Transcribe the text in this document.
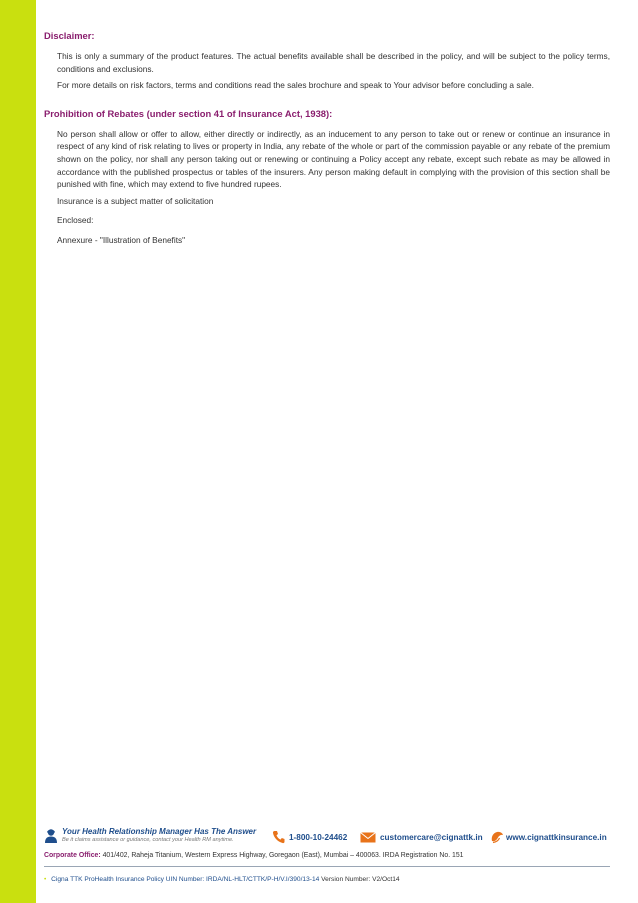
Disclaimer:

This is only a summary of the product features. The actual benefits available shall be described in the policy, and will be subject to the policy terms, conditions and exclusions.

For more details on risk factors, terms and conditions read the sales brochure and speak to Your advisor before concluding a sale.

Prohibition of Rebates (under section 41 of Insurance Act, 1938):

No person shall allow or offer to allow, either directly or indirectly, as an inducement to any person to take out or renew or continue an insurance in respect of any kind of risk relating to lives or property in India, any rebate of the whole or part of the commission payable or any rebate of the premium shown on the policy, nor shall any person taking out or renewing or continuing a Policy accept any rebate, except such rebate as may be allowed in accordance with the published prospectus or tables of the insurers. Any person making default in complying with the provision of this section shall be punished with fine, which may extend to five hundred rupees.

Insurance is a subject matter of solicitation

Enclosed:

Annexure - "Illustration of Benefits"

Your Health Relationship Manager Has The Answer
Be it claims assistance or guidance, contact your Health RM anytime.	1-800-10-24462	customercare@cignattk.in	www.cignattkinsurance.in
Corporate Office: 401/402, Raheja Titanium, Western Express Highway, Goregaon (East), Mumbai – 400063. IRDA Registration No. 151
• Cigna TTK ProHealth Insurance Policy UIN Number: IRDA/NL-HLT/CTTK/P-H/V.I/390/13-14 Version Number: V2/Oct14
